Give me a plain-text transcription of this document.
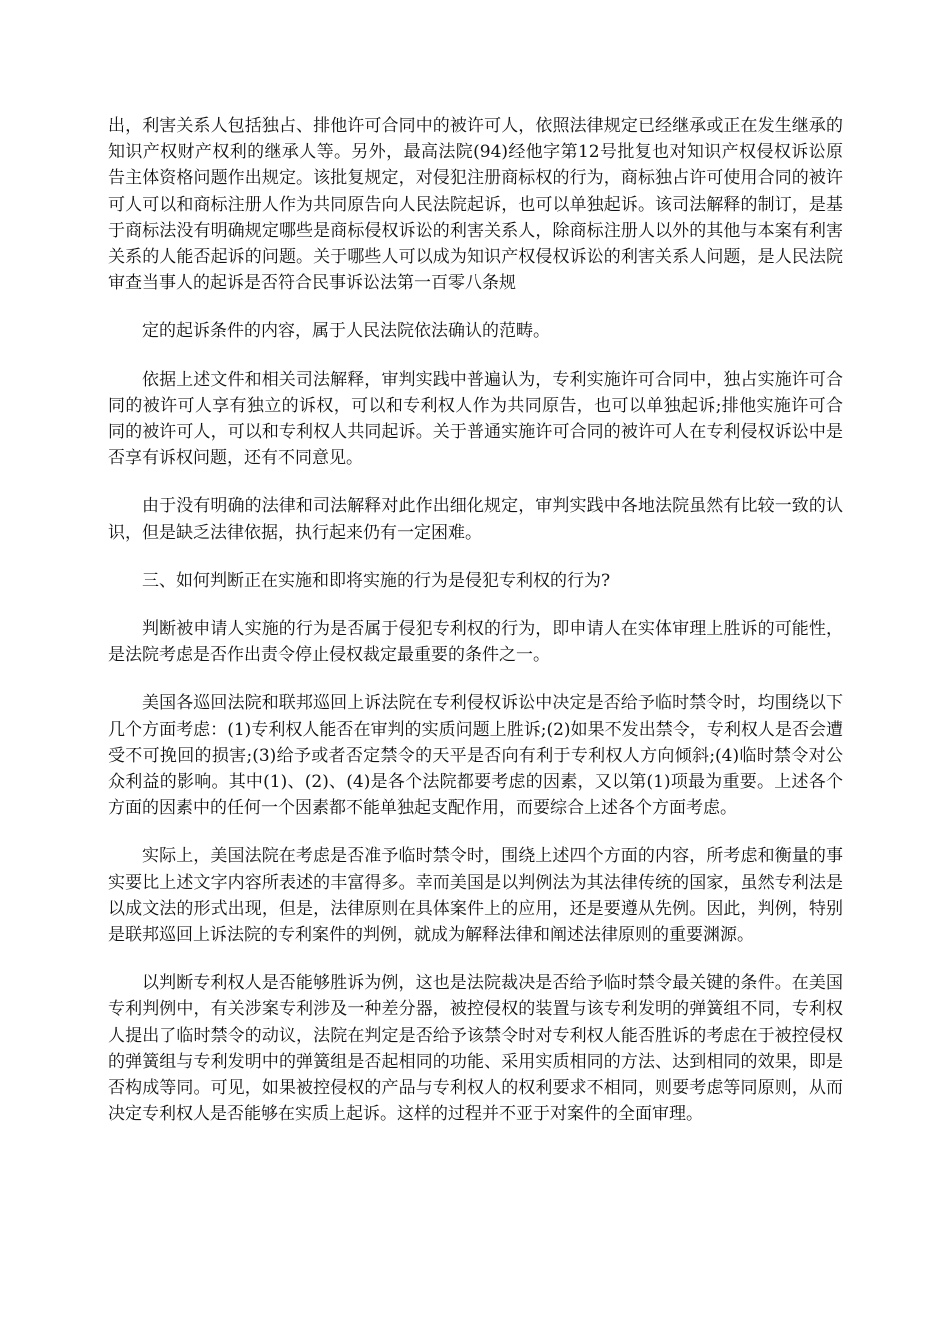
出，利害关系人包括独占、排他许可合同中的被许可人，依照法律规定已经继承或正在发生继承的知识产权财产权利的继承人等。另外，最高法院(94)经他字第12号批复也对知识产权侵权诉讼原告主体资格问题作出规定。该批复规定，对侵犯注册商标权的行为，商标独占许可使用合同的被许可人可以和商标注册人作为共同原告向人民法院起诉，也可以单独起诉。该司法解释的制订，是基于商标法没有明确规定哪些是商标侵权诉讼的利害关系人，除商标注册人以外的其他与本案有利害关系的人能否起诉的问题。关于哪些人可以成为知识产权侵权诉讼的利害关系人问题，是人民法院审查当事人的起诉是否符合民事诉讼法第一百零八条规

定的起诉条件的内容，属于人民法院依法确认的范畴。

依据上述文件和相关司法解释，审判实践中普遍认为，专利实施许可合同中，独占实施许可合同的被许可人享有独立的诉权，可以和专利权人作为共同原告，也可以单独起诉;排他实施许可合同的被许可人，可以和专利权人共同起诉。关于普通实施许可合同的被许可人在专利侵权诉讼中是否享有诉权问题，还有不同意见。

由于没有明确的法律和司法解释对此作出细化规定，审判实践中各地法院虽然有比较一致的认识，但是缺乏法律依据，执行起来仍有一定困难。

三、如何判断正在实施和即将实施的行为是侵犯专利权的行为?

判断被申请人实施的行为是否属于侵犯专利权的行为，即申请人在实体审理上胜诉的可能性，是法院考虑是否作出责令停止侵权裁定最重要的条件之一。

美国各巡回法院和联邦巡回上诉法院在专利侵权诉讼中决定是否给予临时禁令时，均围绕以下几个方面考虑：(1)专利权人能否在审判的实质问题上胜诉;(2)如果不发出禁令，专利权人是否会遭受不可挽回的损害;(3)给予或者否定禁令的天平是否向有利于专利权人方向倾斜;(4)临时禁令对公众利益的影响。其中(1)、(2)、(4)是各个法院都要考虑的因素，又以第(1)项最为重要。上述各个方面的因素中的任何一个因素都不能单独起支配作用，而要综合上述各个方面考虑。

实际上，美国法院在考虑是否准予临时禁令时，围绕上述四个方面的内容，所考虑和衡量的事实要比上述文字内容所表述的丰富得多。幸而美国是以判例法为其法律传统的国家，虽然专利法是以成文法的形式出现，但是，法律原则在具体案件上的应用，还是要遵从先例。因此，判例，特别是联邦巡回上诉法院的专利案件的判例，就成为解释法律和阐述法律原则的重要渊源。

以判断专利权人是否能够胜诉为例，这也是法院裁决是否给予临时禁令最关键的条件。在美国专利判例中，有关涉案专利涉及一种差分器，被控侵权的装置与该专利发明的弹簧组不同，专利权人提出了临时禁令的动议，法院在判定是否给予该禁令时对专利权人能否胜诉的考虑在于被控侵权的弹簧组与专利发明中的弹簧组是否起相同的功能、采用实质相同的方法、达到相同的效果，即是否构成等同。可见，如果被控侵权的产品与专利权人的权利要求不相同，则要考虑等同原则，从而决定专利权人是否能够在实质上起诉。这样的过程并不亚于对案件的全面审理。
